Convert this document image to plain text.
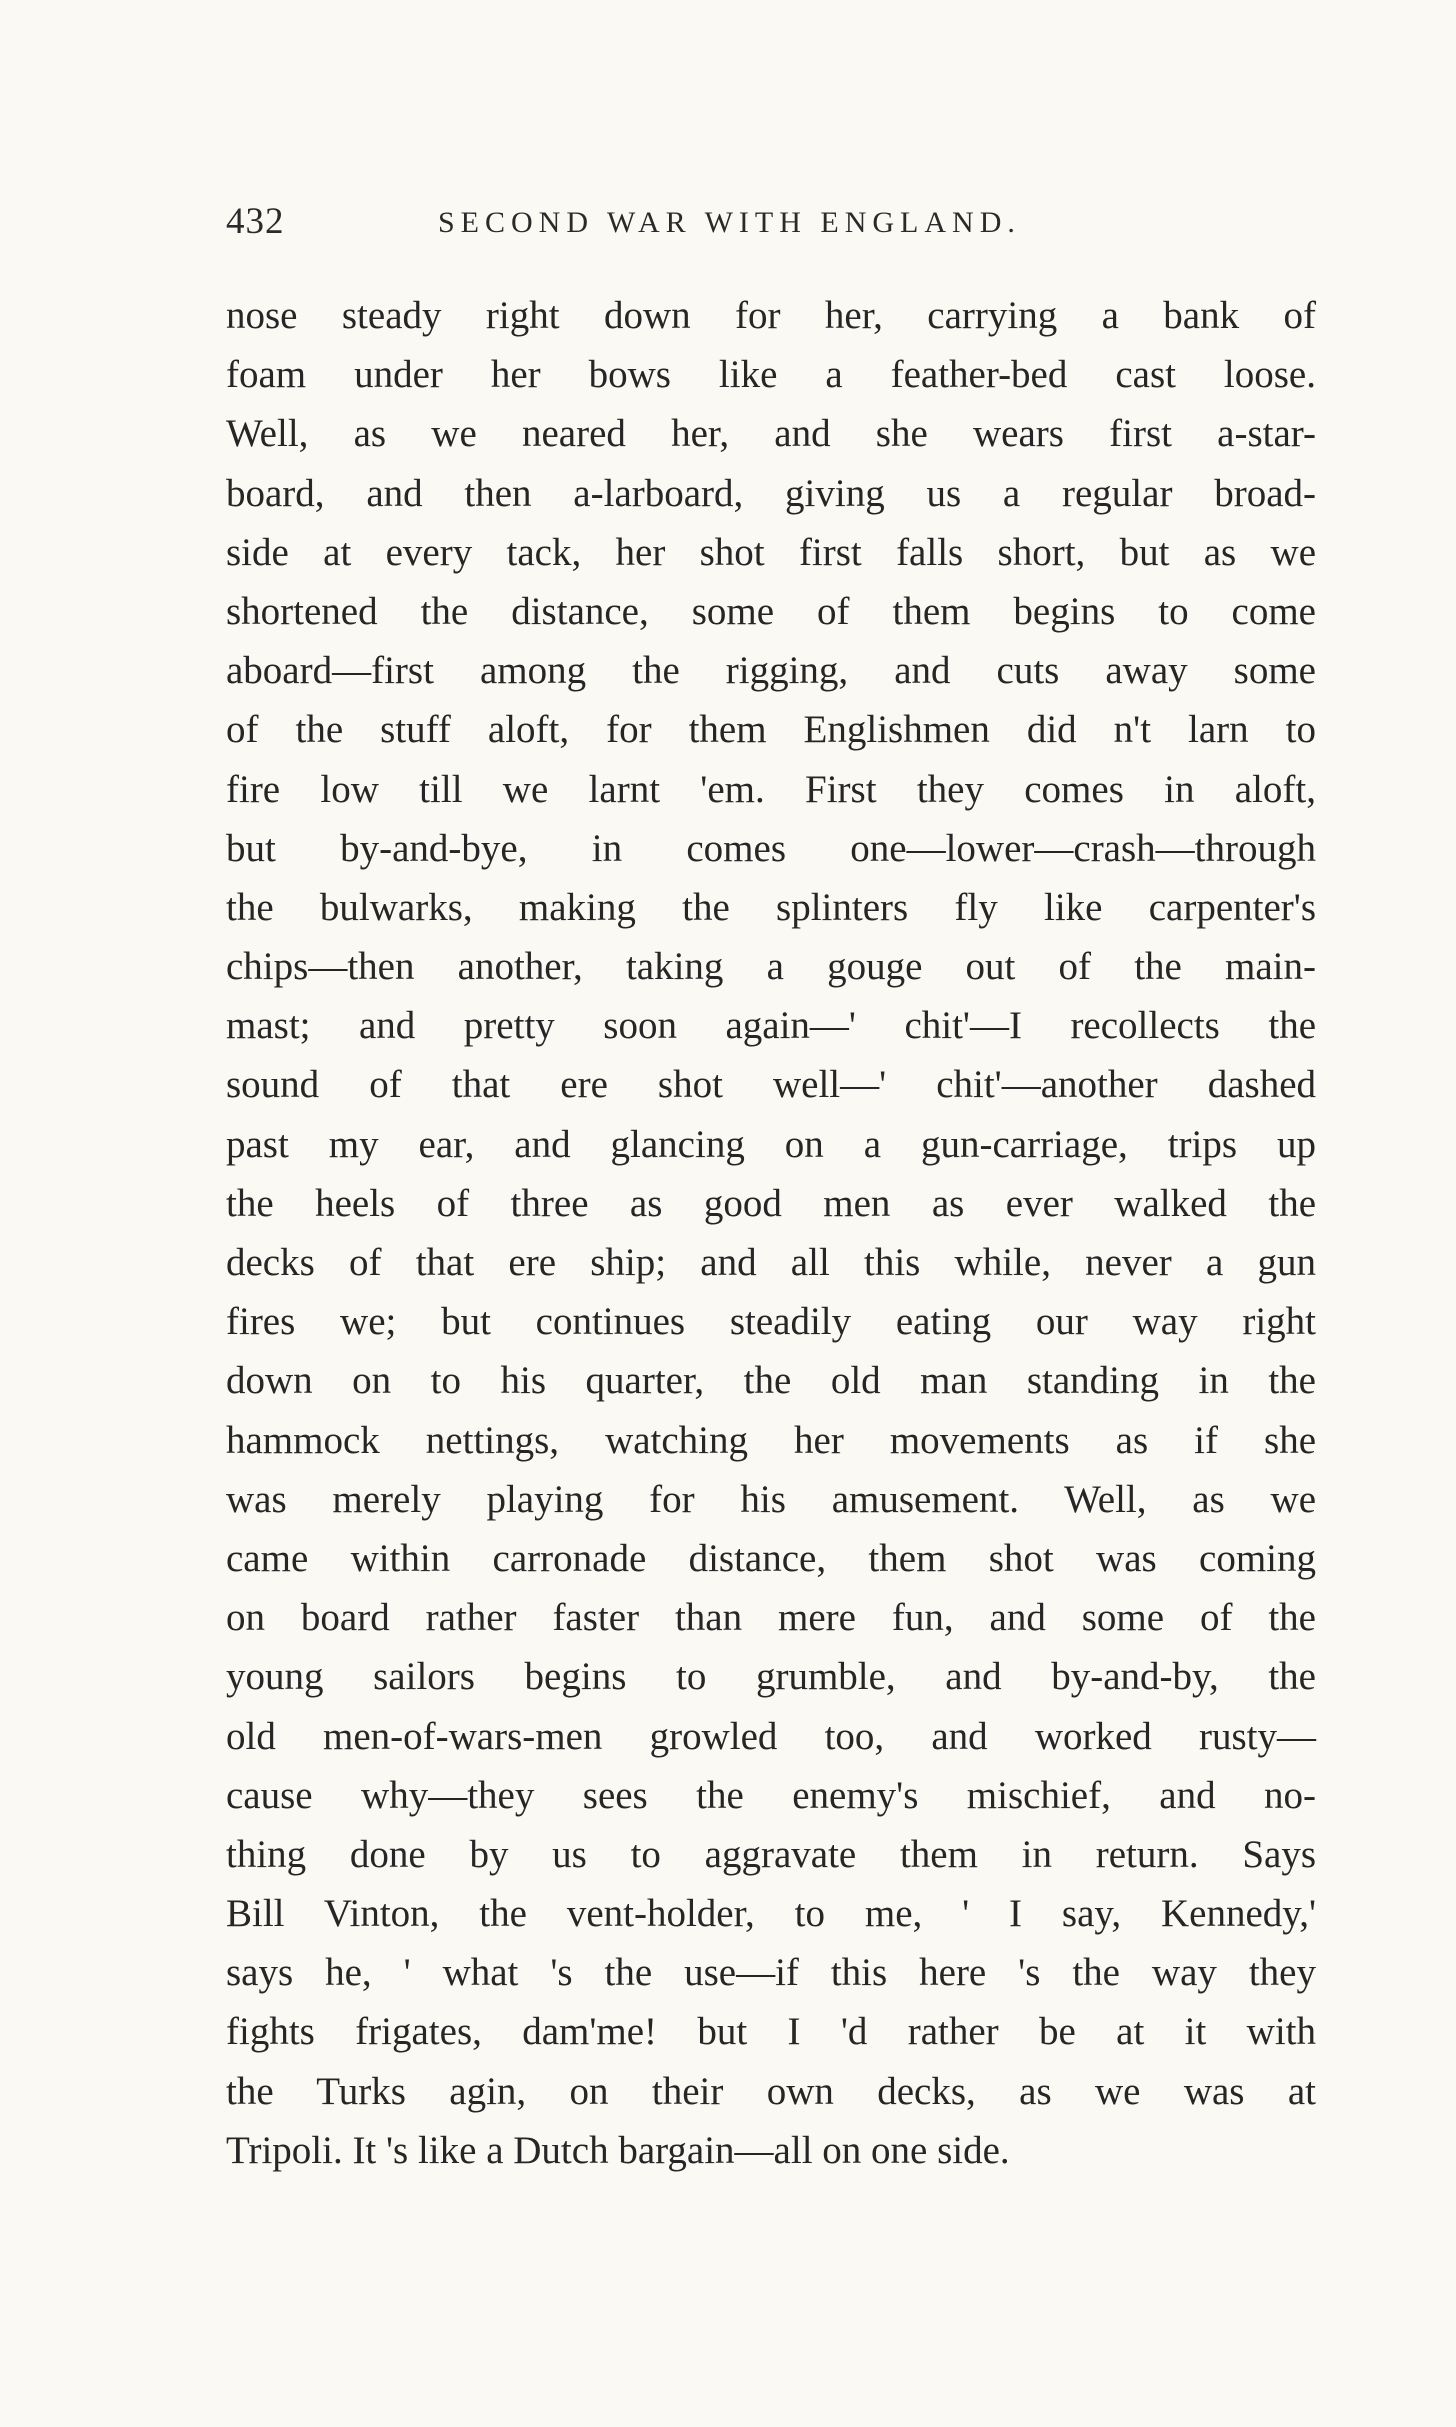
432	SECOND WAR WITH ENGLAND.
nose steady right down for her, carrying a bank of
foam under her bows like a feather-bed cast loose.
Well, as we neared her, and she wears first a-star-
board, and then a-larboard, giving us a regular broad-
side at every tack, her shot first falls short, but as we
shortened the distance, some of them begins to come
aboard—first among the rigging, and cuts away some
of the stuff aloft, for them Englishmen did n't larn to
fire low till we larnt 'em. First they comes in aloft,
but by-and-bye, in comes one—lower—crash—through
the bulwarks, making the splinters fly like carpenter's
chips—then another, taking a gouge out of the main-
mast; and pretty soon again—' chit'—I recollects the
sound of that ere shot well—' chit'—another dashed
past my ear, and glancing on a gun-carriage, trips up
the heels of three as good men as ever walked the
decks of that ere ship; and all this while, never a gun
fires we; but continues steadily eating our way right
down on to his quarter, the old man standing in the
hammock nettings, watching her movements as if she
was merely playing for his amusement. Well, as we
came within carronade distance, them shot was coming
on board rather faster than mere fun, and some of the
young sailors begins to grumble, and by-and-by, the
old men-of-wars-men growled too, and worked rusty—
cause why—they sees the enemy's mischief, and no-
thing done by us to aggravate them in return. Says
Bill Vinton, the vent-holder, to me, ' I say, Kennedy,'
says he, ' what 's the use—if this here 's the way they
fights frigates, dam'me! but I 'd rather be at it with
the Turks agin, on their own decks, as we was at
Tripoli. It 's like a Dutch bargain—all on one side.
